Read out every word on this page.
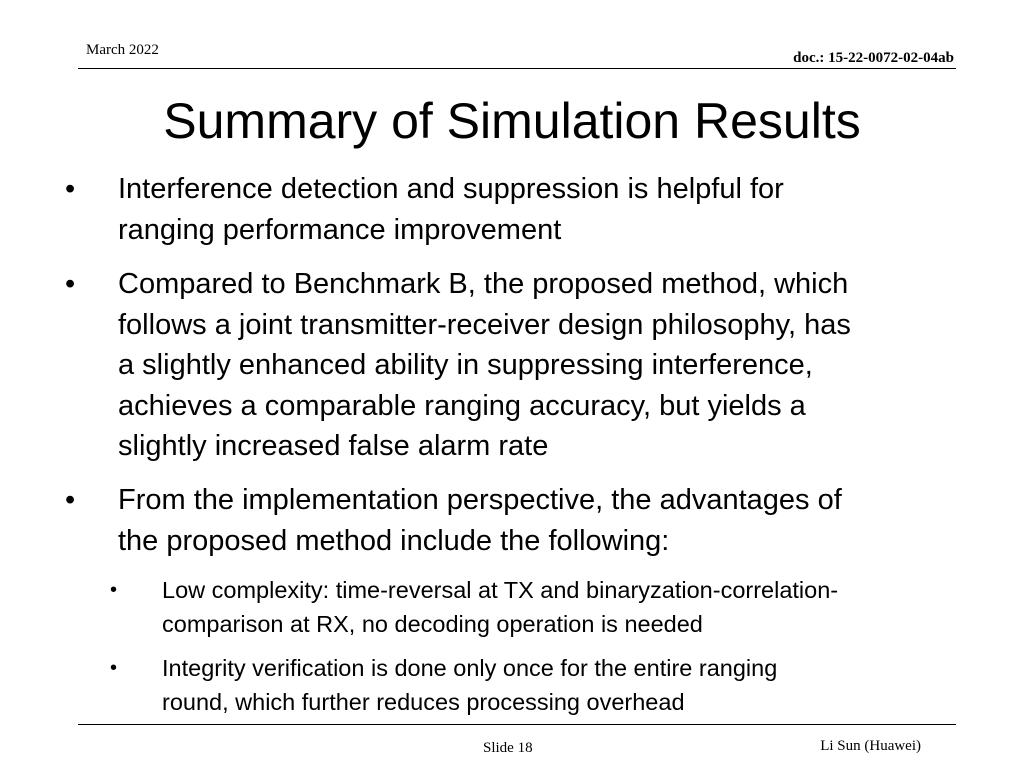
March 2022	doc.: 15-22-0072-02-04ab
Summary of Simulation Results
• Interference detection and suppression is helpful for
ranging performance improvement
• Compared to Benchmark B, the proposed method, which
follows a joint transmitter-receiver design philosophy, has
a slightly enhanced ability in suppressing interference,
achieves a comparable ranging accuracy, but yields a
slightly increased false alarm rate
• From the implementation perspective, the advantages of
the proposed method include the following:
• Low complexity: time-reversal at TX and binaryzation-correlation-
comparison at RX, no decoding operation is needed
• Integrity verification is done only once for the entire ranging
round, which further reduces processing overhead
Slide 18	Li Sun (Huawei)
